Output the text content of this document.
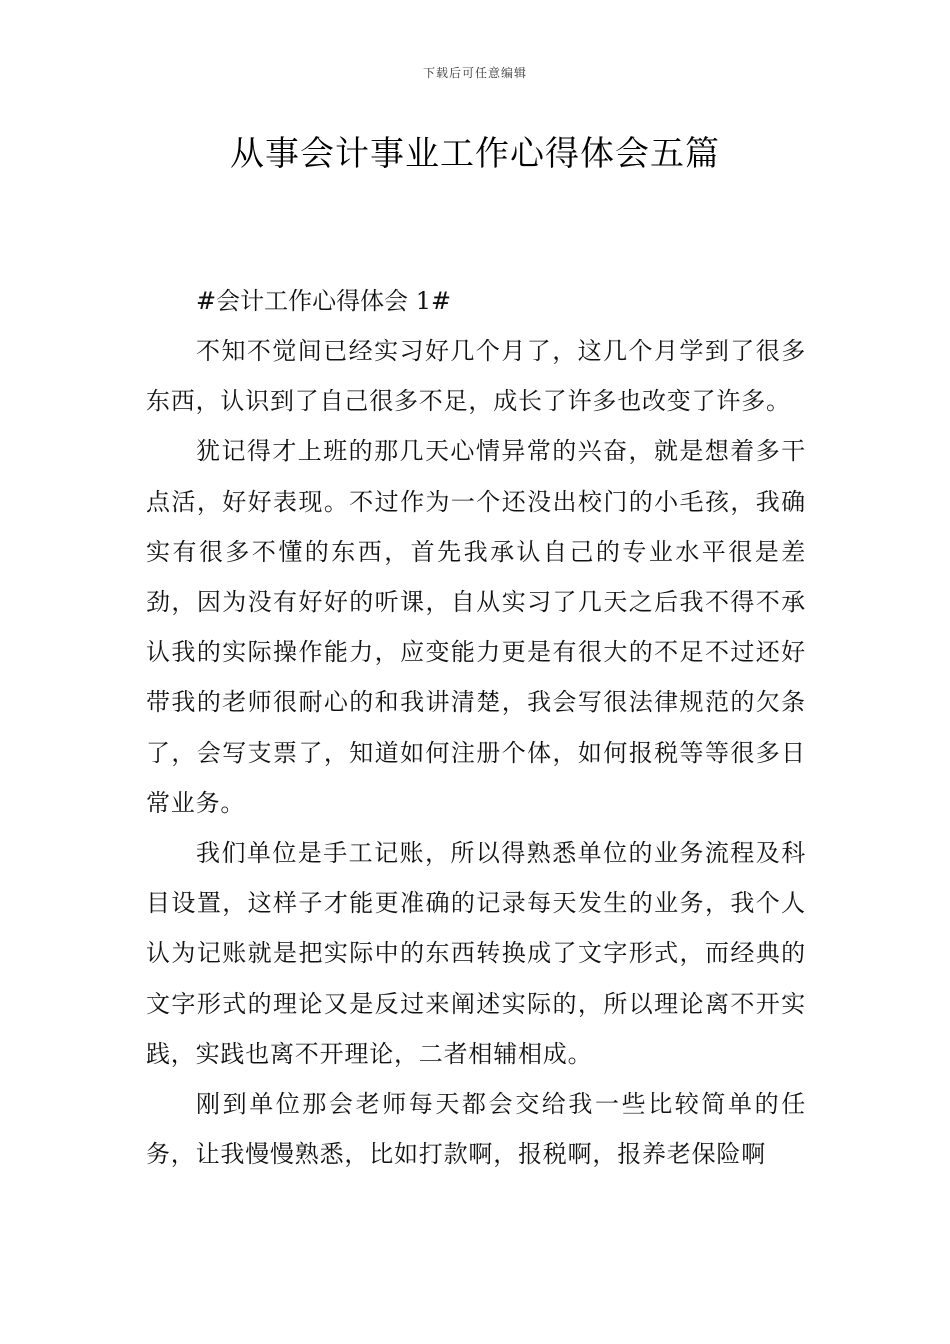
下载后可任意编辑
从事会计事业工作心得体会五篇

#会计工作心得体会 1#

不知不觉间已经实习好几个月了，这几个月学到了很多东西，认识到了自己很多不足，成长了许多也改变了许多。

犹记得才上班的那几天心情异常的兴奋，就是想着多干点活，好好表现。不过作为一个还没出校门的小毛孩，我确实有很多不懂的东西，首先我承认自己的专业水平很是差劲，因为没有好好的听课，自从实习了几天之后我不得不承认我的实际操作能力，应变能力更是有很大的不足不过还好带我的老师很耐心的和我讲清楚，我会写很法律规范的欠条了，会写支票了，知道如何注册个体，如何报税等等很多日常业务。

我们单位是手工记账，所以得熟悉单位的业务流程及科目设置，这样子才能更准确的记录每天发生的业务，我个人认为记账就是把实际中的东西转换成了文字形式，而经典的文字形式的理论又是反过来阐述实际的，所以理论离不开实践，实践也离不开理论，二者相辅相成。

刚到单位那会老师每天都会交给我一些比较简单的任务，让我慢慢熟悉，比如打款啊，报税啊，报养老保险啊
